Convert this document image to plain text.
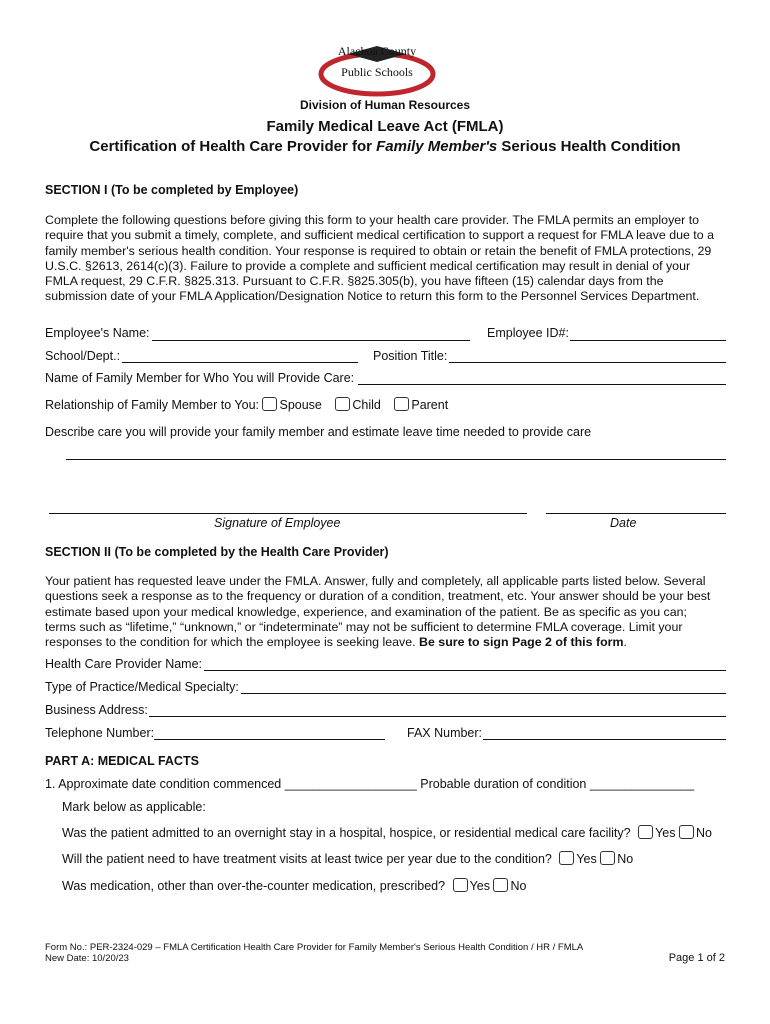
Alachua County
Public Schools
Division of Human Resources
Family Medical Leave Act (FMLA)
Certification of Health Care Provider for Family Member's Serious Health Condition
SECTION I (To be completed by Employee)
Complete the following questions before giving this form to your health care provider. The FMLA permits an employer to
require that you submit a timely, complete, and sufficient medical certification to support a request for FMLA leave due to a
family member's serious health condition. Your response is required to obtain or retain the benefit of FMLA protections, 29
U.S.C. §2613, 2614(c)(3). Failure to provide a complete and sufficient medical certification may result in denial of your
FMLA request, 29 C.F.R. §825.313. Pursuant to C.F.R. §825.305(b), you have fifteen (15) calendar days from the
submission date of your FMLA Application/Designation Notice to return this form to the Personnel Services Department.
Employee's Name:	Employee ID#:
School/Dept.:	Position Title:
Name of Family Member for Who You will Provide Care:
Relationship of Family Member to You: Spouse Child Parent
Describe care you will provide your family member and estimate leave time needed to provide care
Signature of Employee	Date
SECTION II (To be completed by the Health Care Provider)
Your patient has requested leave under the FMLA. Answer, fully and completely, all applicable parts listed below. Several
questions seek a response as to the frequency or duration of a condition, treatment, etc. Your answer should be your best
estimate based upon your medical knowledge, experience, and examination of the patient. Be as specific as you can;
terms such as “lifetime,” “unknown,” or “indeterminate” may not be sufficient to determine FMLA coverage. Limit your
responses to the condition for which the employee is seeking leave. Be sure to sign Page 2 of this form.
Health Care Provider Name:
Type of Practice/Medical Specialty:
Business Address:
Telephone Number:	FAX Number:
PART A: MEDICAL FACTS
1. Approximate date condition commenced ___________________ Probable duration of condition _______________
Mark below as applicable:
Was the patient admitted to an overnight stay in a hospital, hospice, or residential medical care facility? Yes No
Will the patient need to have treatment visits at least twice per year due to the condition? Yes No
Was medication, other than over-the-counter medication, prescribed? Yes No
Form No.: PER-2324-029 – FMLA Certification Health Care Provider for Family Member's Serious Health Condition / HR / FMLA
New Date: 10/20/23	Page 1 of 2
